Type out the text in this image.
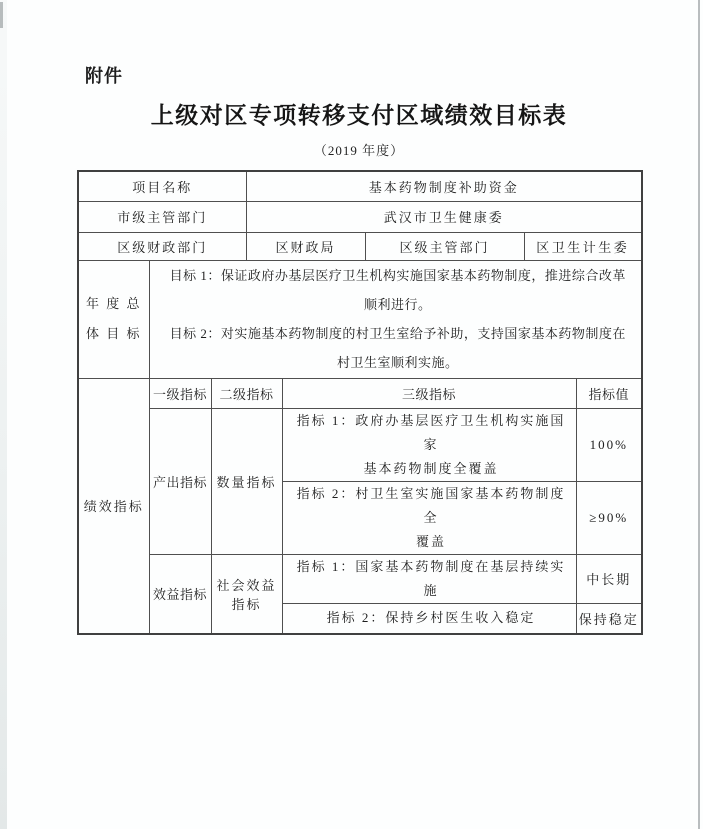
附件
上级对区专项转移支付区域绩效目标表
（2019 年度）
项目名称			基本药物制度补助资金				
市级主管部门			武汉市卫生健康委				
区级财政部门			区财政局		区级主管部门	区卫生计生委	
年 度 总
体 目 标	
目标 1：保证政府办基层医疗卫生机构实施国家基本药物制度，推进综合改革
顺利进行。
目标 2：对实施基本药物制度的村卫生室给予补助，支持国家基本药物制度在
村卫生室顺利实施。

绩效指标	一级指标	二级指标		三级指标			指标值
	产出指标	数量指标		指标 1：政府办基层医疗卫生机构实施国家
基本药物制度全覆盖			100%
				指标 2：村卫生室实施国家基本药物制度全
覆盖			≥90%
	效益指标	社会效益指标		指标 1：国家基本药物制度在基层持续实施			中长期
				指标 2：保持乡村医生收入稳定			保持稳定
